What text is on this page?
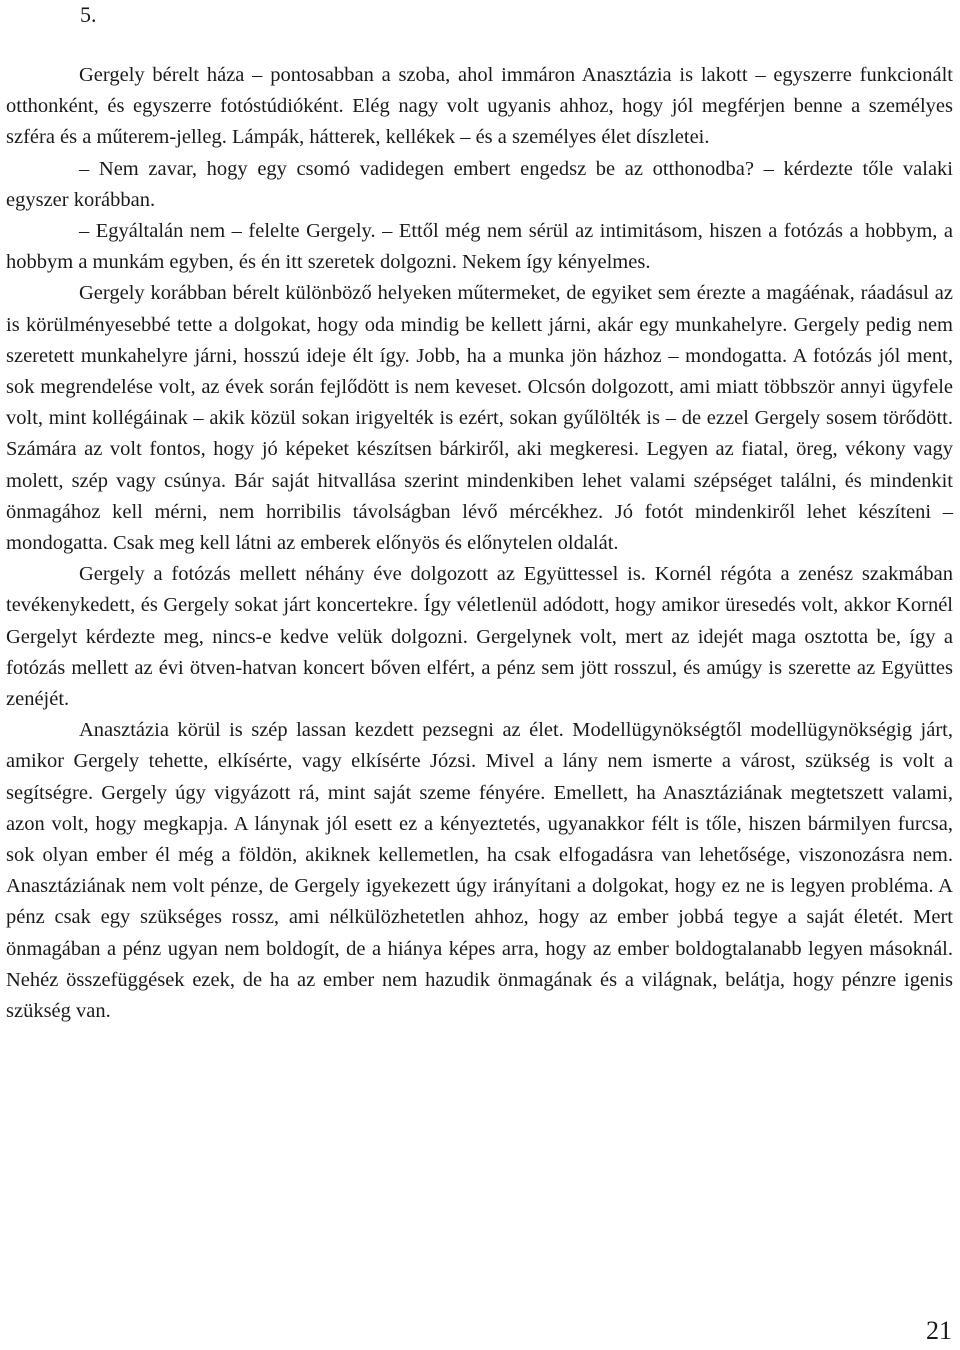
5.

Gergely bérelt háza – pontosabban a szoba, ahol immáron Anasztázia is lakott – egyszerre funkcionált otthonként, és egyszerre fotóstúdióként. Elég nagy volt ugyanis ahhoz, hogy jól megférjen benne a személyes szféra és a műterem-jelleg. Lámpák, hátterek, kellékek – és a személyes élet díszletei.

– Nem zavar, hogy egy csomó vadidegen embert engedsz be az otthonodba? – kérdezte tőle valaki egyszer korábban.

– Egyáltalán nem – felelte Gergely. – Ettől még nem sérül az intimitásom, hiszen a fotózás a hobbym, a hobbym a munkám egyben, és én itt szeretek dolgozni. Nekem így kényelmes.

Gergely korábban bérelt különböző helyeken műtermeket, de egyiket sem érezte a magáénak, ráadásul az is körülményesebbé tette a dolgokat, hogy oda mindig be kellett járni, akár egy munkahelyre. Gergely pedig nem szeretett munkahelyre járni, hosszú ideje élt így. Jobb, ha a munka jön házhoz – mondogatta. A fotózás jól ment, sok megrendelése volt, az évek során fejlődött is nem keveset. Olcsón dolgozott, ami miatt többször annyi ügyfele volt, mint kollégáinak – akik közül sokan irigyelték is ezért, sokan gyűlölték is – de ezzel Gergely sosem törődött. Számára az volt fontos, hogy jó képeket készítsen bárkiről, aki megkeresi. Legyen az fiatal, öreg, vékony vagy molett, szép vagy csúnya. Bár saját hitvallása szerint mindenkiben lehet valami szépséget találni, és mindenkit önmagához kell mérni, nem horribilis távolságban lévő mércékhez. Jó fotót mindenkiről lehet készíteni – mondogatta. Csak meg kell látni az emberek előnyös és előnytelen oldalát.

Gergely a fotózás mellett néhány éve dolgozott az Együttessel is. Kornél régóta a zenész szakmában tevékenykedett, és Gergely sokat járt koncertekre. Így véletlenül adódott, hogy amikor üresedés volt, akkor Kornél Gergelyt kérdezte meg, nincs-e kedve velük dolgozni. Gergelynek volt, mert az idejét maga osztotta be, így a fotózás mellett az évi ötven-hatvan koncert bőven elfért, a pénz sem jött rosszul, és amúgy is szerette az Együttes zenéjét.

Anasztázia körül is szép lassan kezdett pezsegni az élet. Modellügynökségtől modellügynökségig járt, amikor Gergely tehette, elkísérte, vagy elkísérte Józsi. Mivel a lány nem ismerte a várost, szükség is volt a segítségre. Gergely úgy vigyázott rá, mint saját szeme fényére. Emellett, ha Anasztáziának megtetszett valami, azon volt, hogy megkapja. A lánynak jól esett ez a kényeztetés, ugyanakkor félt is tőle, hiszen bármilyen furcsa, sok olyan ember él még a földön, akiknek kellemetlen, ha csak elfogadásra van lehetősége, viszonozásra nem. Anasztáziának nem volt pénze, de Gergely igyekezett úgy irányítani a dolgokat, hogy ez ne is legyen probléma. A pénz csak egy szükséges rossz, ami nélkülözhetetlen ahhoz, hogy az ember jobbá tegye a saját életét. Mert önmagában a pénz ugyan nem boldogít, de a hiánya képes arra, hogy az ember boldogtalanabb legyen másoknál. Nehéz összefüggések ezek, de ha az ember nem hazudik önmagának és a világnak, belátja, hogy pénzre igenis szükség van.

21
